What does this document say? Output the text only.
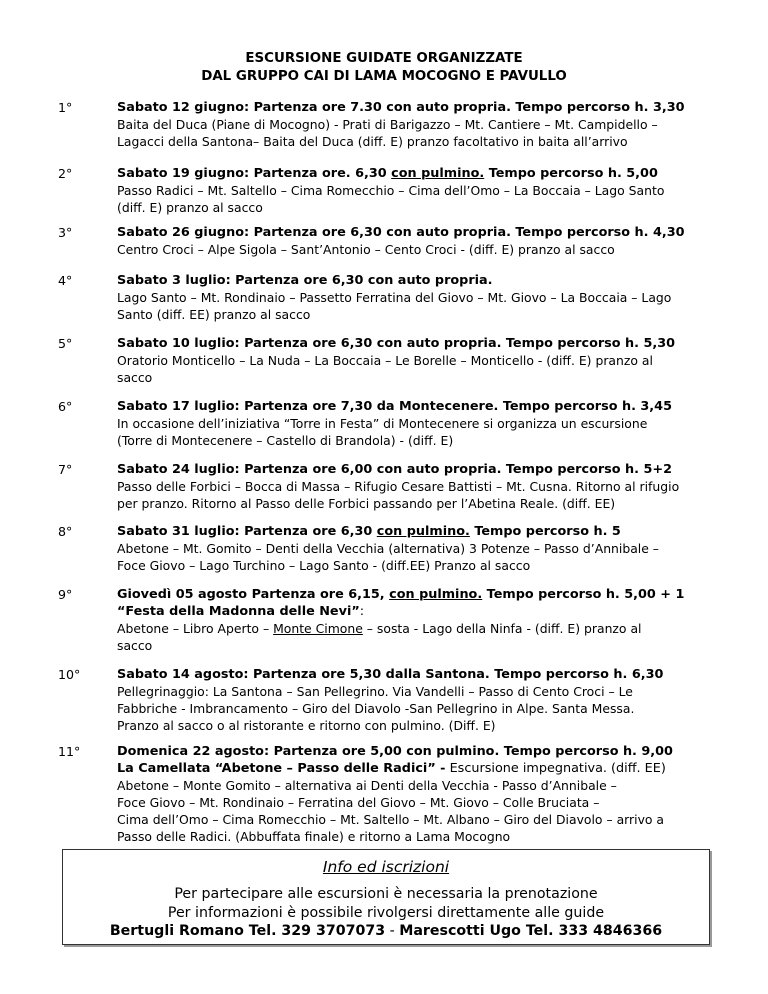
ESCURSIONE GUIDATE ORGANIZZATE
DAL GRUPPO CAI DI LAMA MOCOGNO E PAVULLO
1°	Sabato 12 giugno: Partenza ore 7.30 con auto propria. Tempo percorso h. 3,30
Baita del Duca (Piane di Mocogno) - Prati di Barigazzo – Mt. Cantiere – Mt. Campidello –
Lagacci della Santona– Baita del Duca (diff. E) pranzo facoltativo in baita all’arrivo
2°	Sabato 19 giugno: Partenza ore. 6,30 con pulmino. Tempo percorso h. 5,00
Passo Radici – Mt. Saltello – Cima Romecchio – Cima dell’Omo – La Boccaia – Lago Santo
(diff. E) pranzo al sacco
3°	Sabato 26 giugno: Partenza ore 6,30 con auto propria. Tempo percorso h. 4,30
Centro Croci – Alpe Sigola – Sant’Antonio – Cento Croci - (diff. E) pranzo al sacco
4°	Sabato 3 luglio: Partenza ore 6,30 con auto propria.
Lago Santo – Mt. Rondinaio – Passetto Ferratina del Giovo – Mt. Giovo – La Boccaia – Lago
Santo (diff. EE) pranzo al sacco
5°	Sabato 10 luglio: Partenza ore 6,30 con auto propria. Tempo percorso h. 5,30
Oratorio Monticello – La Nuda – La Boccaia – Le Borelle – Monticello - (diff. E) pranzo al
sacco
6°	Sabato 17 luglio: Partenza ore 7,30 da Montecenere. Tempo percorso h. 3,45
In occasione dell’iniziativa “Torre in Festa” di Montecenere si organizza un escursione
(Torre di Montecenere – Castello di Brandola) - (diff. E)
7°	Sabato 24 luglio: Partenza ore 6,00 con auto propria. Tempo percorso h. 5+2
Passo delle Forbici – Bocca di Massa – Rifugio Cesare Battisti – Mt. Cusna. Ritorno al rifugio
per pranzo. Ritorno al Passo delle Forbici passando per l’Abetina Reale. (diff. EE)
8°	Sabato 31 luglio: Partenza ore 6,30 con pulmino. Tempo percorso h. 5
Abetone – Mt. Gomito – Denti della Vecchia (alternativa) 3 Potenze – Passo d’Annibale –
Foce Giovo – Lago Turchino – Lago Santo - (diff.EE) Pranzo al sacco
9°	Giovedì 05 agosto Partenza ore 6,15, con pulmino. Tempo percorso h. 5,00 + 1
“Festa della Madonna delle Nevi”:
Abetone – Libro Aperto – Monte Cimone – sosta - Lago della Ninfa - (diff. E) pranzo al
sacco
10°	Sabato 14 agosto: Partenza ore 5,30 dalla Santona. Tempo percorso h. 6,30
Pellegrinaggio: La Santona – San Pellegrino. Via Vandelli – Passo di Cento Croci – Le
Fabbriche - Imbrancamento – Giro del Diavolo -San Pellegrino in Alpe. Santa Messa.
Pranzo al sacco o al ristorante e ritorno con pulmino. (Diff. E)
11°	Domenica 22 agosto: Partenza ore 5,00 con pulmino. Tempo percorso h. 9,00
La Camellata “Abetone – Passo delle Radici” - Escursione impegnativa. (diff. EE)
Abetone – Monte Gomito – alternativa ai Denti della Vecchia - Passo d’Annibale –
Foce Giovo – Mt. Rondinaio – Ferratina del Giovo – Mt. Giovo – Colle Bruciata –
Cima dell’Omo – Cima Romecchio – Mt. Saltello – Mt. Albano – Giro del Diavolo – arrivo a
Passo delle Radici. (Abbuffata finale) e ritorno a Lama Mocogno
Info ed iscrizioni
Per partecipare alle escursioni è necessaria la prenotazione
Per informazioni è possibile rivolgersi direttamente alle guide
Bertugli Romano Tel. 329 3707073 - Marescotti Ugo Tel. 333 4846366
